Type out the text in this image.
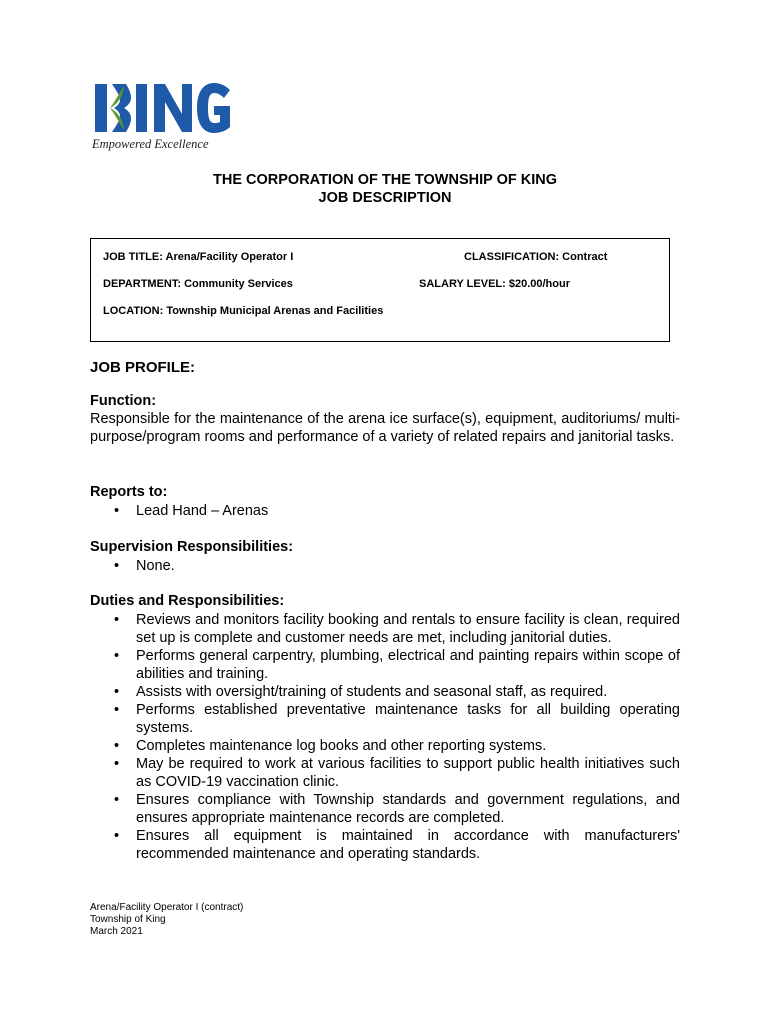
Empowered Excellence
THE CORPORATION OF THE TOWNSHIP OF KING
JOB DESCRIPTION
JOB TITLE: Arena/Facility Operator I	CLASSIFICATION: Contract
DEPARTMENT: Community Services	SALARY LEVEL: $20.00/hour
LOCATION: Township Municipal Arenas and Facilities
JOB PROFILE:
Function:
Responsible for the maintenance of the arena ice surface(s), equipment, auditoriums/ multi-purpose/program rooms and performance of a variety of related repairs and janitorial tasks.
Reports to:
• Lead Hand – Arenas
Supervision Responsibilities:
• None.
Duties and Responsibilities:
• Reviews and monitors facility booking and rentals to ensure facility is clean, required set up is complete and customer needs are met, including janitorial duties.
• Performs general carpentry, plumbing, electrical and painting repairs within scope of abilities and training.
• Assists with oversight/training of students and seasonal staff, as required.
• Performs established preventative maintenance tasks for all building operating systems.
• Completes maintenance log books and other reporting systems.
• May be required to work at various facilities to support public health initiatives such as COVID-19 vaccination clinic.
• Ensures compliance with Township standards and government regulations, and ensures appropriate maintenance records are completed.
• Ensures all equipment is maintained in accordance with manufacturers' recommended maintenance and operating standards.
Arena/Facility Operator I (contract)
Township of King
March 2021
